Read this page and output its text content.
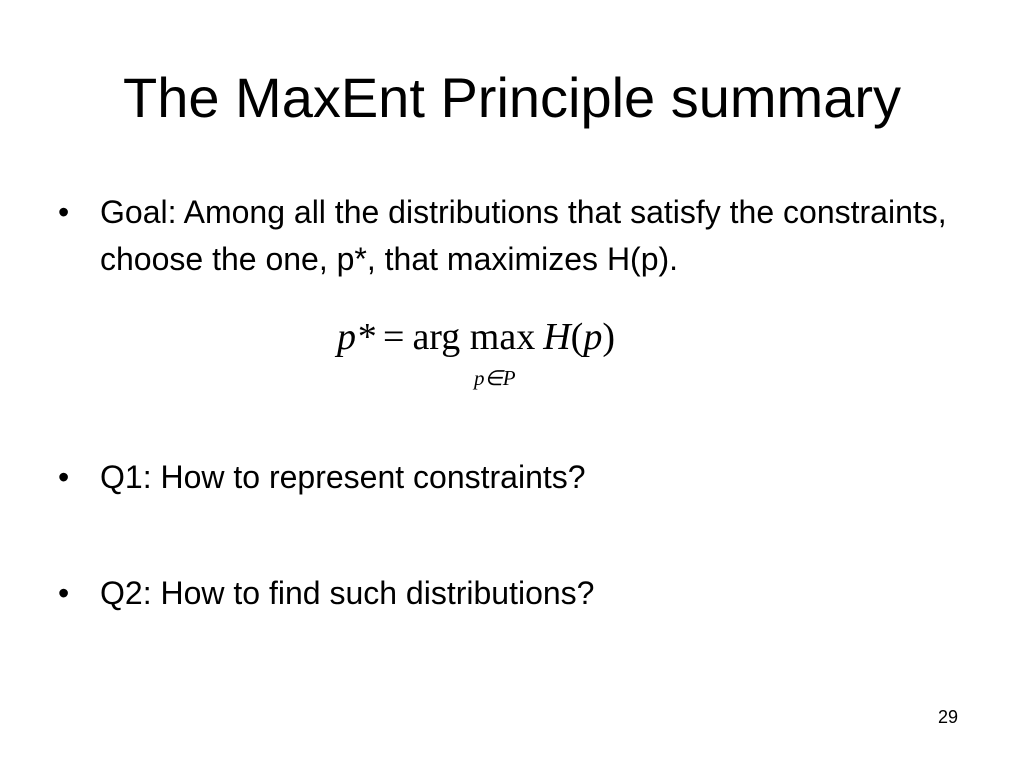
The MaxEnt Principle summary
• Goal: Among all the distributions that satisfy the constraints, choose the one, p*, that maximizes H(p).
p* = arg max H(p)
p∈P
• Q1: How to represent constraints?
• Q2: How to find such distributions?
29
